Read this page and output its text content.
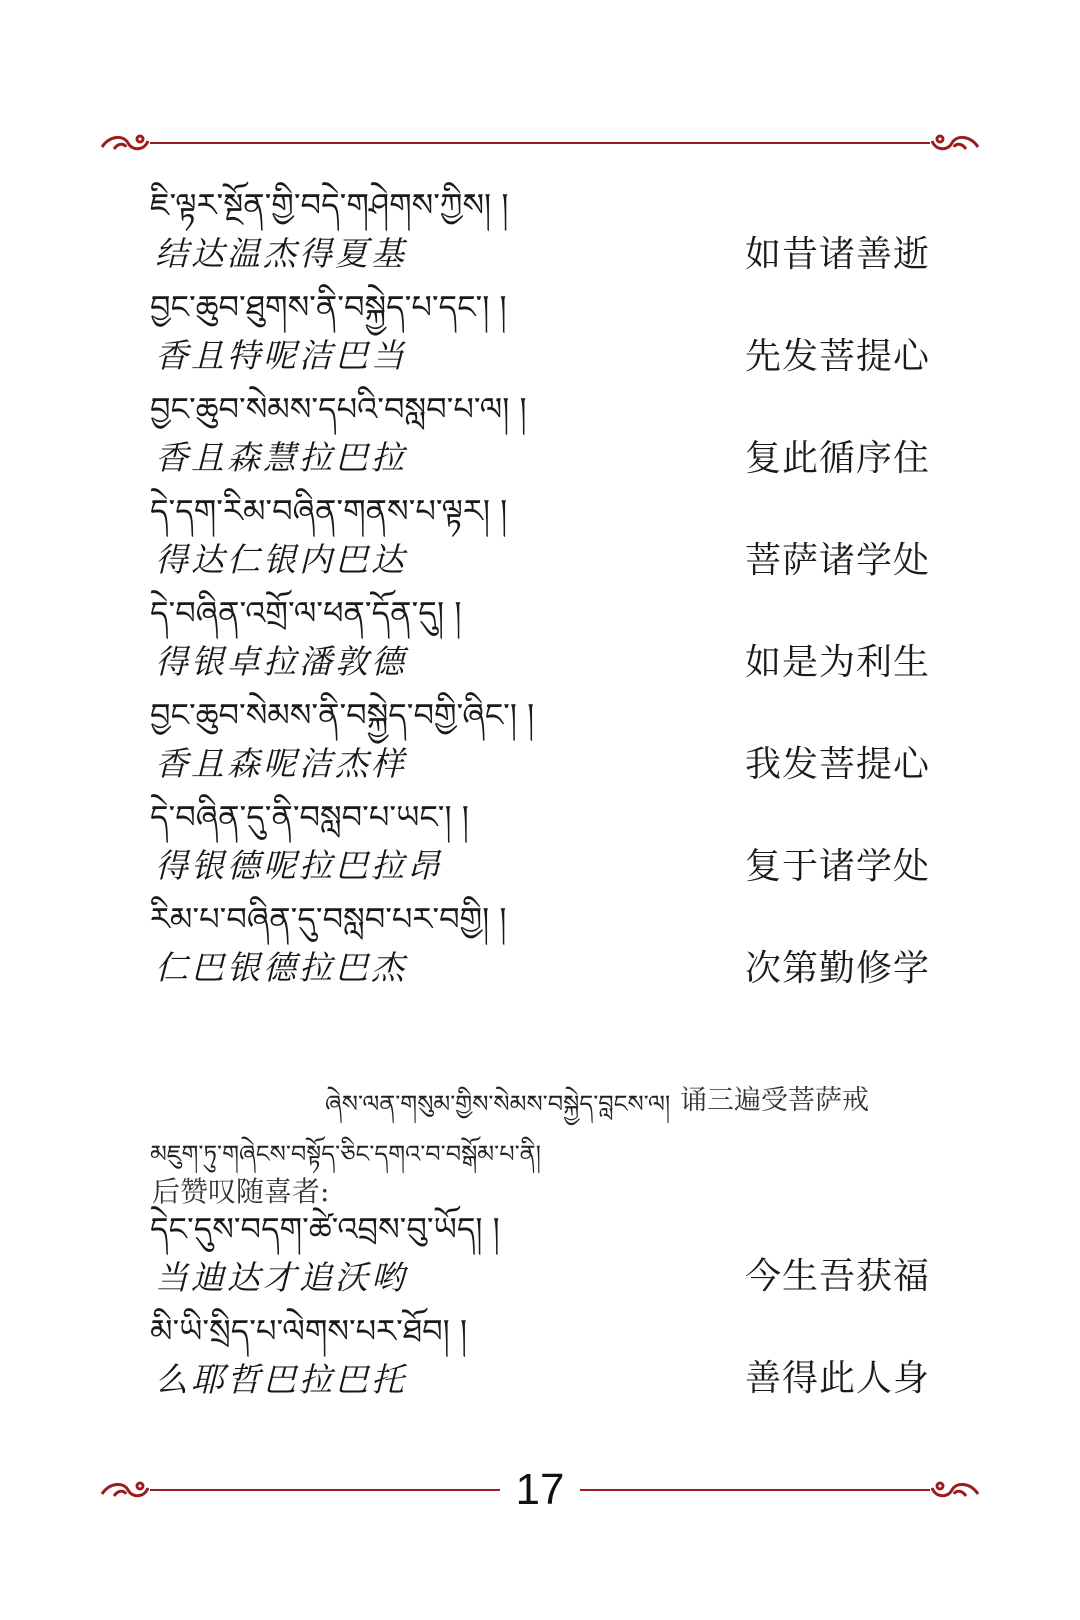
ཇི་ལྟར་སྔོན་གྱི་བདེ་གཤེགས་ཀྱིས། །
结达温杰得夏基	如昔诸善逝
བྱང་ཆུབ་ཐུགས་ནི་བསྐྱེད་པ་དང་། །
香且特呢洁巴当	先发菩提心
བྱང་ཆུབ་སེམས་དཔའི་བསླབ་པ་ལ། །
香且森慧拉巴拉	复此循序住
དེ་དག་རིམ་བཞིན་གནས་པ་ལྟར། །
得达仁银内巴达	菩萨诸学处
དེ་བཞིན་འགྲོ་ལ་ཕན་དོན་དུ། །
得银卓拉潘敦德	如是为利生
བྱང་ཆུབ་སེམས་ནི་བསྐྱེད་བགྱི་ཞིང་། །
香且森呢洁杰样	我发菩提心
དེ་བཞིན་དུ་ནི་བསླབ་པ་ཡང་། །
得银德呢拉巴拉昂	复于诸学处
རིམ་པ་བཞིན་དུ་བསླབ་པར་བགྱི། །
仁巴银德拉巴杰	次第勤修学
ཞེས་ལན་གསུམ་གྱིས་སེམས་བསྐྱེད་བླངས་ལ། 诵三遍受菩萨戒
མཇུག་ཏུ་གཞེངས་བསྟོད་ཅིང་དགའ་བ་བསྒོམ་པ་ནི།
后赞叹随喜者:
དེང་དུས་བདག་ཚེ་འབྲས་བུ་ཡོད། །
当迪达才追沃哟	今生吾获福
མི་ཡི་སྲིད་པ་ལེགས་པར་ཐོབ། །
么耶哲巴拉巴托	善得此人身
17
